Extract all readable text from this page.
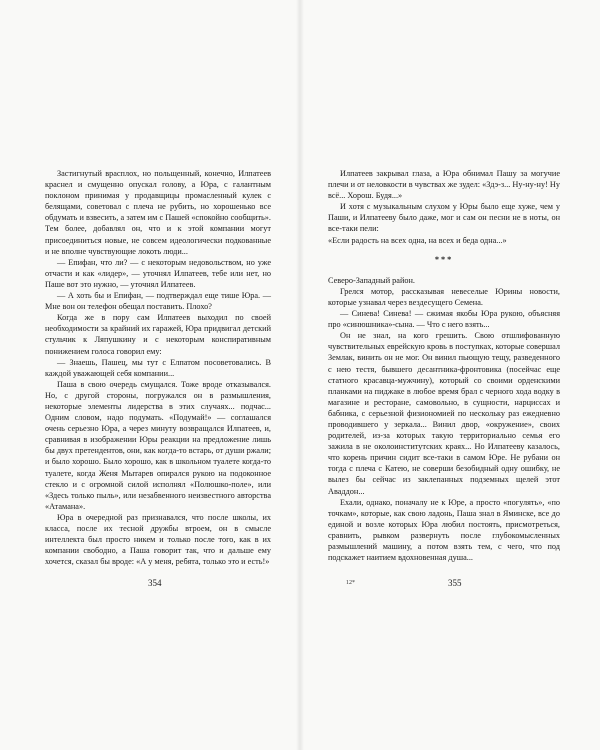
Застигнутый врасплох, но польщенный, конечно, Илпатеев краснел и смущенно опускал голову, а Юра, с галантным поклоном принимая у продавщицы промасленный кулек с белящами, советовал с плеча не рубить, но хорошенько все обдумать и взвесить, а затем им с Пашей «спокойно сообщить». Тем более, добавлял он, что и к этой компании могут присоединиться новые, не совсем идеологически подкованные и не вполне чувствующие локоть люди...

— Епифан, что ли? — с некоторым недовольством, но уже отчасти и как «лидер», — уточнял Илпатеев, тебе или нет, но Паше вот это нужно, — уточнял Илпатеев.

— А хоть бы и Епифан, — подтверждал еще тише Юра. — Мне вон он телефон обещал поставить. Плохо?

Когда же в пору сам Илпатеев выходил по своей необходимости за крайний их гаражей, Юра придвигал детский стульчик к Ляпушкину и с некоторым конспиративным понижением голоса говорил ему:

— Знаешь, Пашец, мы тут с Елпатом посоветовались. В каждой уважающей себя компании...

Паша в свою очередь смущался. Тоже вроде отказывался. Но, с другой стороны, погружался он в размышления, некоторые элементы лидерства в этих случаях... подчас... Одним словом, надо подумать. «Подумай!» — соглашался очень серьезно Юра, а через минуту возвращался Илпатеев, и, сравнивая в изображении Юры реакции на предложение лишь бы двух претендентов, они, как когда-то встарь, от души ржали; и было хорошо. Было хорошо, как в школьном туалете когда-то туалете, когда Женя Мытарев опирался рукою на подоконное стекло и с огромной силой исполнял «Полюшко-поле», или «Здесь только пыль», или незабвенного неизвестного авторства «Атамана».

Юра в очередной раз признавался, что после школы, их класса, после их тесной дружбы втроем, он в смысле интеллекта был просто никем и только после того, как в их компании свободно, а Паша говорит так, что и дальше ему хочется, сказал бы вроде: «А у меня, ребята, только это и есть!»

354

Илпатеев закрывал глаза, а Юра обнимал Пашу за могучие плечи и от неловкости в чувствах же зудел: «Здэ-з... Ну-ну-ну! Ну всё... Хорош. Будя...»

И хотя с музыкальным слухом у Юры было еще хуже, чем у Паши, и Илпатееву было даже, мог и сам он песни не в ноты, он все-таки пели:

«Если радость на всех одна, на всех и беда одна...»

***

Северо-Западный район.

Грелся мотор, рассказывая невеселые Юрины новости, которые узнавал через вездесущего Семена.

— Синева! Синева! — сжимая якобы Юра рукою, объясняя про «синюшника»-сына. — Что с него взять...

Он не знал, на кого грешить. Свою отшлифованную чувствительных еврейскую кровь в поступках, которые совершал Землак, винить он не мог. Он винил пьющую тещу, разведенного с нею тестя, бывшего десантника-фронтовика (посейчас еще статного красавца-мужчину), который со своими орденскими планками на пиджаке в любое время брал с черного хода водку в магазине и ресторане, самовольно, в сущности, нарциссах и бабника, с серьезной физиономией по нескольку раз ежедневно проводившего у зеркала... Винил двор, «окружение», своих родителей, из-за которых такую территориально семья его зажила в не околоинститутских краях... Но Илпатееву казалось, что корень причин сидит все-таки в самом Юре. Не рубани он тогда с плеча с Катею, не соверши безобидный одну ошибку, не вылез бы сейчас из заклепанных подземных щелей этот Аваддон...

Ехали, однако, поначалу не к Юре, а просто «погулять», «по точкам», которые, как свою ладонь, Паша знал в Яминске, все до единой и возле которых Юра любил постоять, присмотреться, сравнить, рывком развернуть после глубокомысленных размышлений машину, а потом взять тем, с чего, что под подскажет наитием вдохновенная душа...

12*	355
